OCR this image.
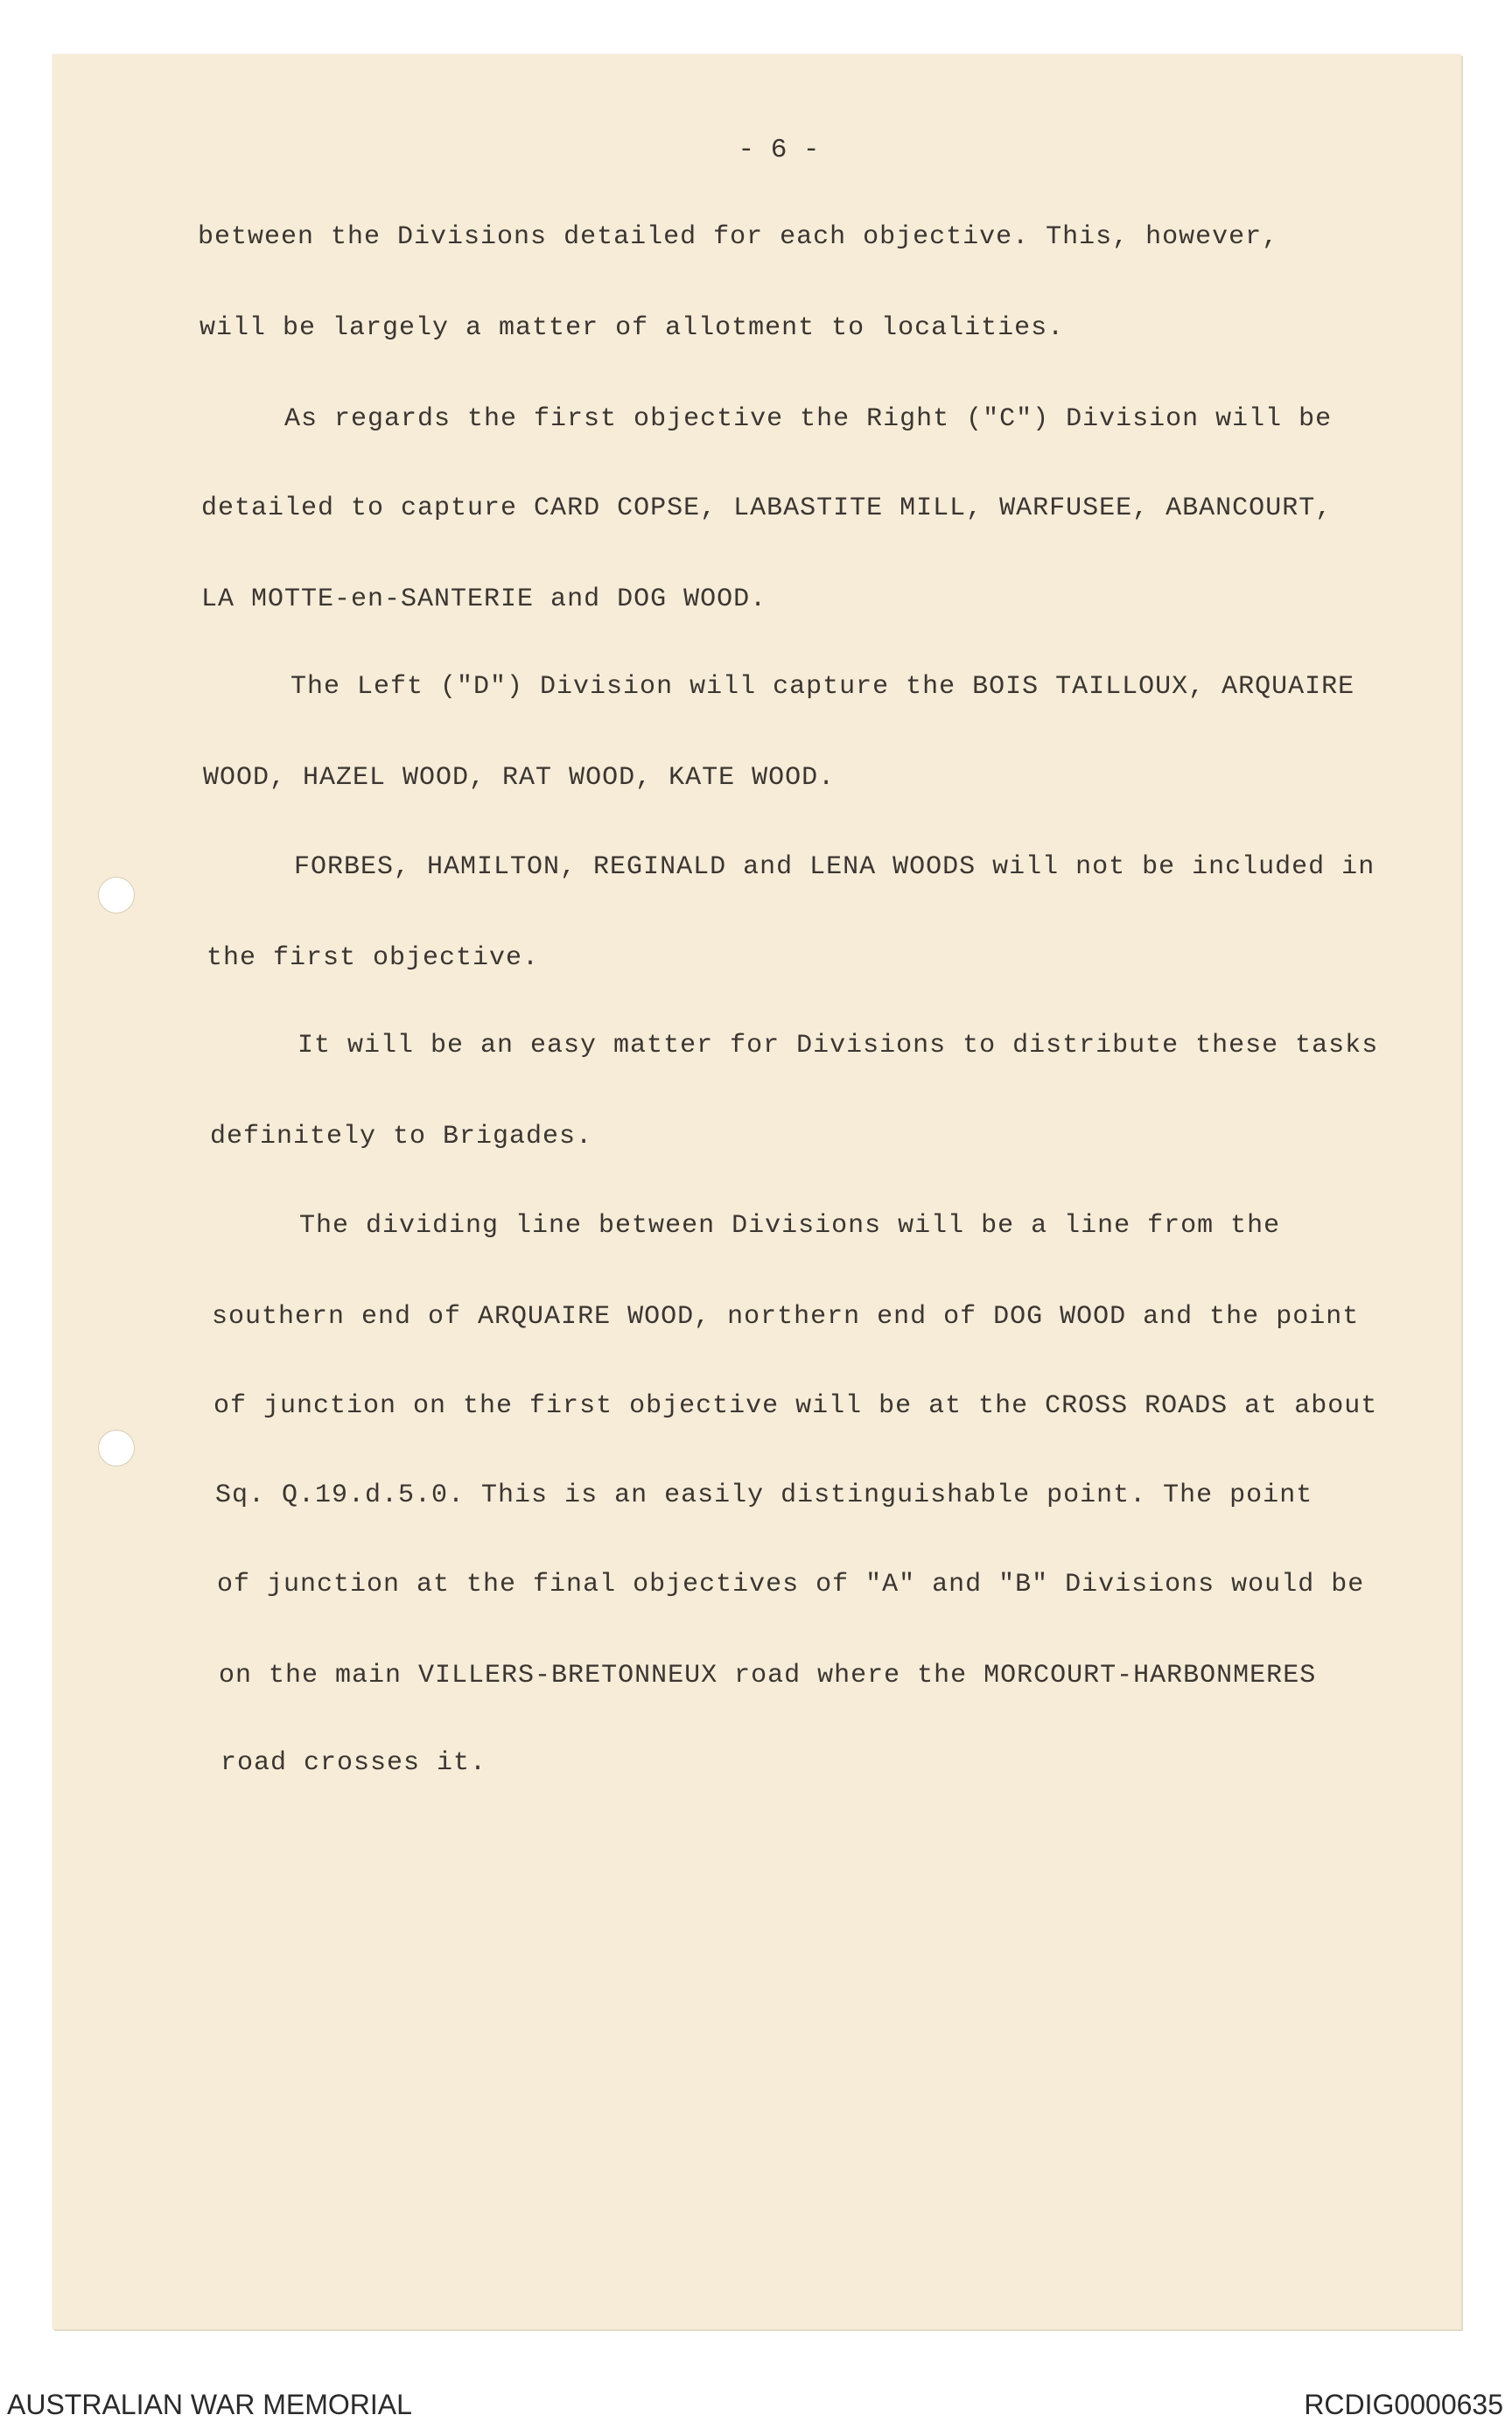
- 6 -
between the Divisions detailed for each objective. This, however,
will be largely a matter of allotment to localities.
As regards the first objective the Right ("C") Division will be
detailed to capture CARD COPSE, LABASTITE MILL, WARFUSEE, ABANCOURT,
LA MOTTE-en-SANTERIE and DOG WOOD.
The Left ("D") Division will capture the BOIS TAILLOUX, ARQUAIRE
WOOD, HAZEL WOOD, RAT WOOD, KATE WOOD.
FORBES, HAMILTON, REGINALD and LENA WOODS will not be included in
the first objective.
It will be an easy matter for Divisions to distribute these tasks
definitely to Brigades.
The dividing line between Divisions will be a line from the
southern end of ARQUAIRE WOOD, northern end of DOG WOOD and the point
of junction on the first objective will be at the CROSS ROADS at about
Sq. Q.19.d.5.0. This is an easily distinguishable point. The point
of junction at the final objectives of "A" and "B" Divisions would be
on the main VILLERS-BRETONNEUX road where the MORCOURT-HARBONMERES
road crosses it.
AUSTRALIAN WAR MEMORIAL	RCDIG0000635
